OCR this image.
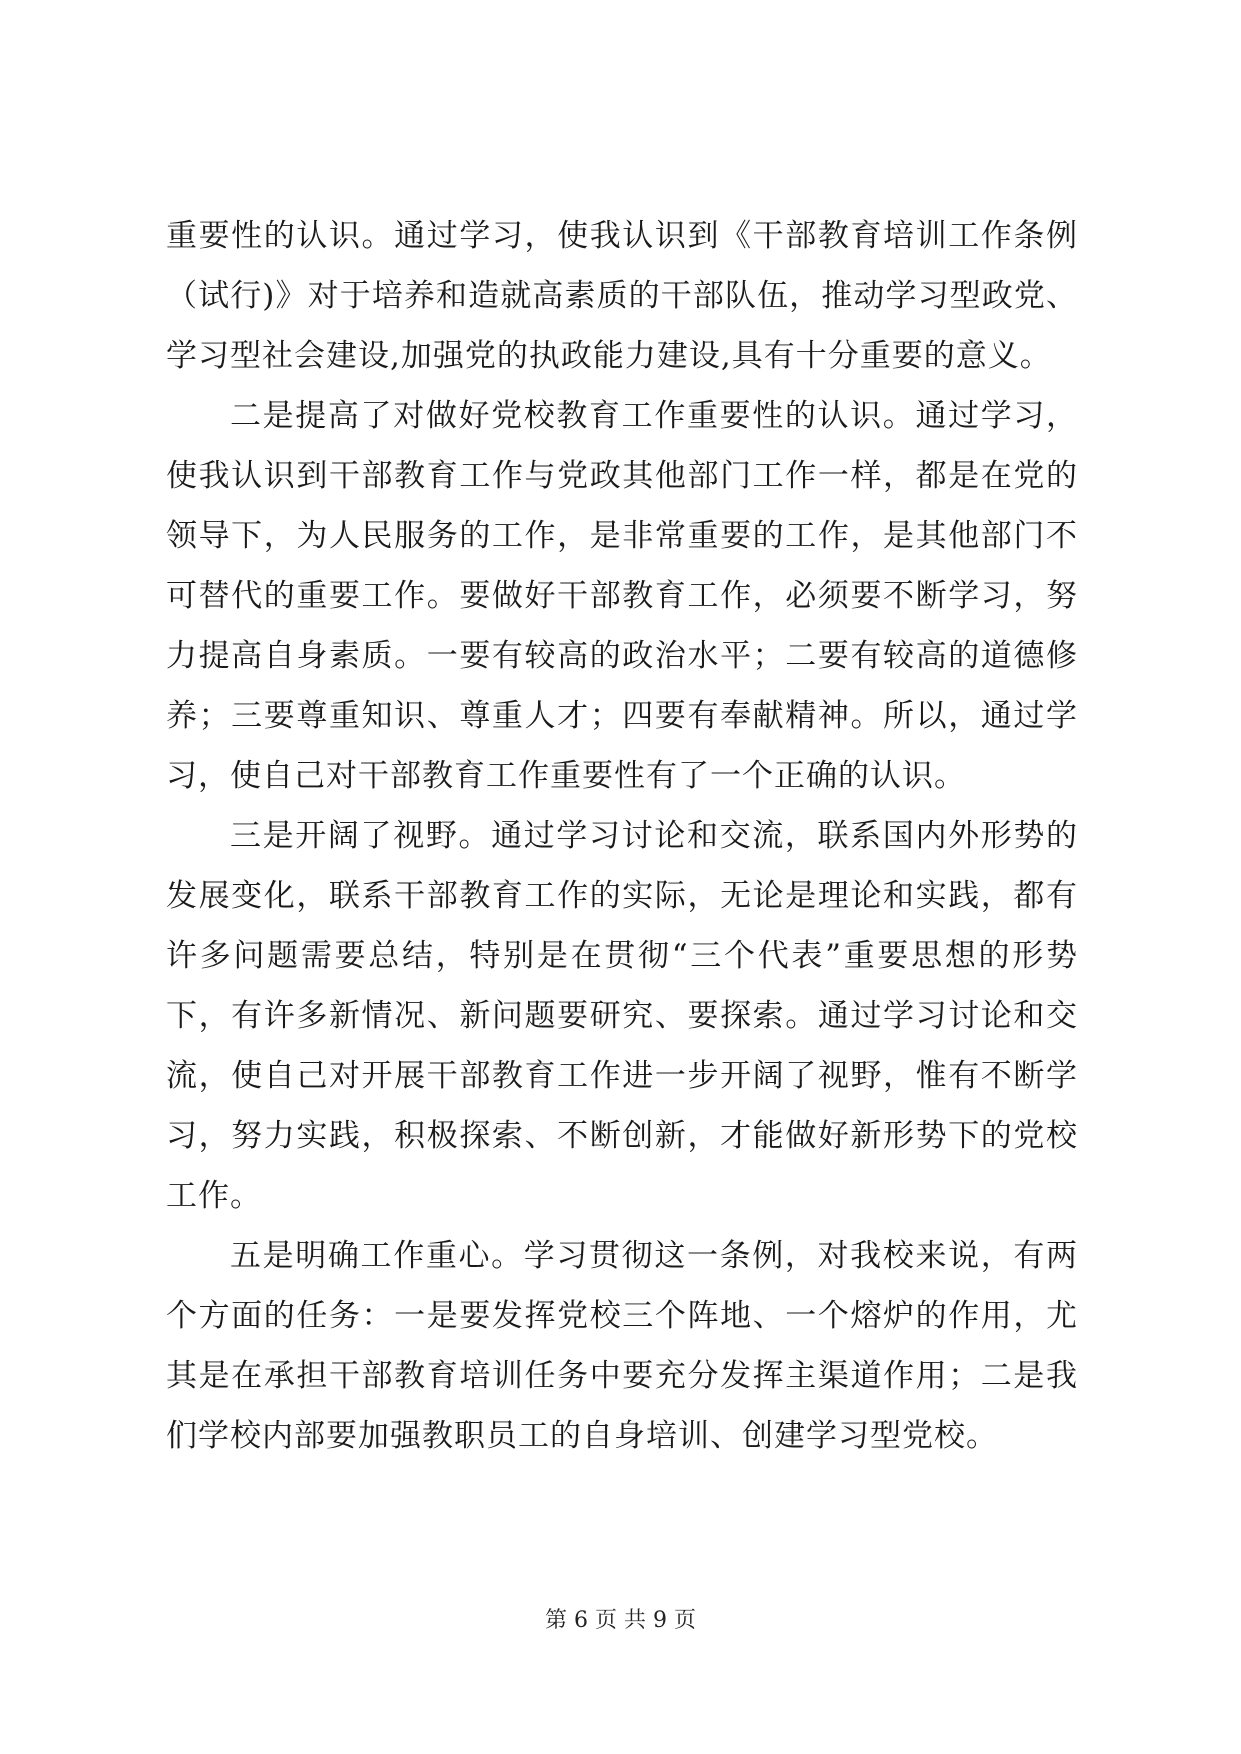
重要性的认识。通过学习，使我认识到《干部教育培训工作条例
（试行)》对于培养和造就高素质的干部队伍，推动学习型政党、
学习型社会建设,加强党的执政能力建设,具有十分重要的意义。
二是提高了对做好党校教育工作重要性的认识。通过学习，
使我认识到干部教育工作与党政其他部门工作一样，都是在党的
领导下，为人民服务的工作，是非常重要的工作，是其他部门不
可替代的重要工作。要做好干部教育工作，必须要不断学习，努
力提高自身素质。一要有较高的政治水平；二要有较高的道德修
养；三要尊重知识、尊重人才；四要有奉献精神。所以，通过学
习，使自己对干部教育工作重要性有了一个正确的认识。
三是开阔了视野。通过学习讨论和交流，联系国内外形势的
发展变化，联系干部教育工作的实际，无论是理论和实践，都有
许多问题需要总结，特别是在贯彻“三个代表”重要思想的形势
下，有许多新情况、新问题要研究、要探索。通过学习讨论和交
流，使自己对开展干部教育工作进一步开阔了视野，惟有不断学
习，努力实践，积极探索、不断创新，才能做好新形势下的党校
工作。
五是明确工作重心。学习贯彻这一条例，对我校来说，有两
个方面的任务：一是要发挥党校三个阵地、一个熔炉的作用，尤
其是在承担干部教育培训任务中要充分发挥主渠道作用；二是我
们学校内部要加强教职员工的自身培训、创建学习型党校。
第 6 页 共 9 页
